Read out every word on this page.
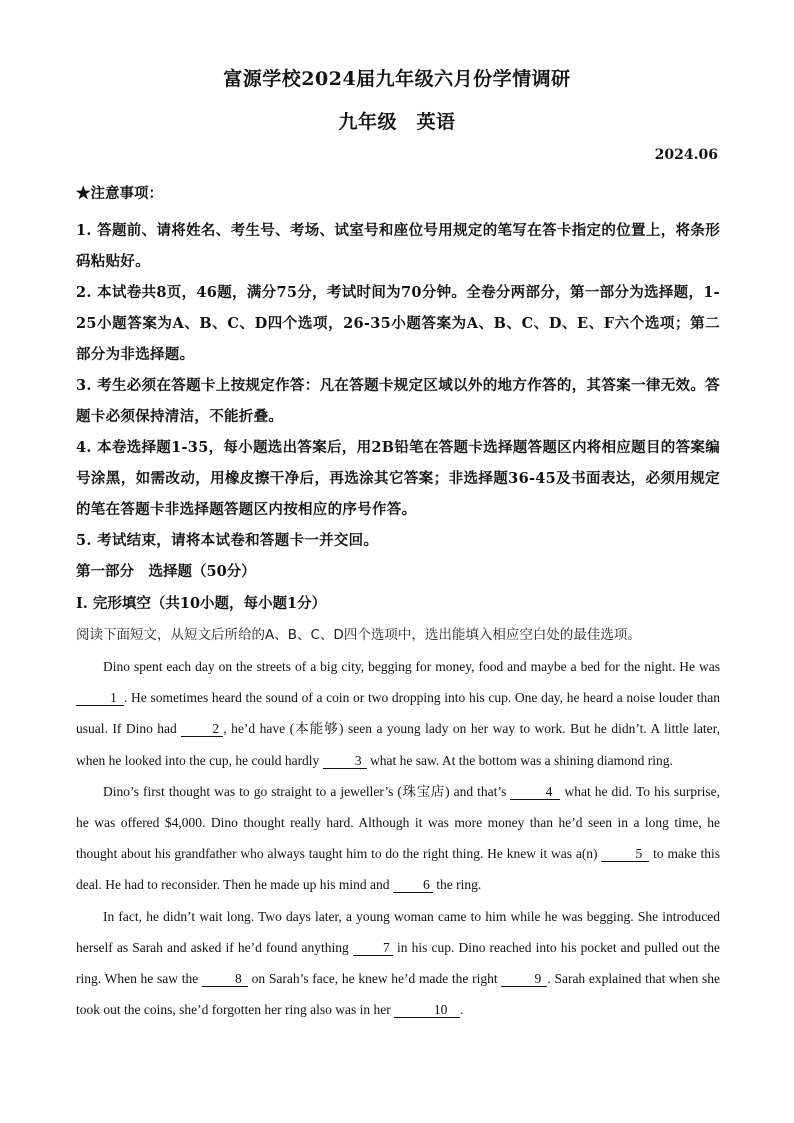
富源学校2024届九年级六月份学情调研
九年级　英语
2024.06
★注意事项：

1. 答题前、请将姓名、考生号、考场、试室号和座位号用规定的笔写在答卡指定的位置上，将条形码粘贴好。

2. 本试卷共8页，46题，满分75分，考试时间为70分钟。全卷分两部分，第一部分为选择题，1-25小题答案为A、B、C、D四个选项，26-35小题答案为A、B、C、D、E、F六个选项；第二部分为非选择题。

3. 考生必须在答题卡上按规定作答：凡在答题卡规定区域以外的地方作答的，其答案一律无效。答题卡必须保持清洁，不能折叠。

4. 本卷选择题1-35，每小题选出答案后，用2B铅笔在答题卡选择题答题区内将相应题目的答案编号涂黑，如需改动，用橡皮擦干净后，再选涂其它答案；非选择题36-45及书面表达，必须用规定的笔在答题卡非选择题答题区内按相应的序号作答。

5. 考试结束，请将本试卷和答题卡一并交回。

第一部分　选择题（50分）
I. 完形填空（共10小题，每小题1分）
阅读下面短文，从短文后所给的A、B、C、D四个选项中，选出能填入相应空白处的最佳选项。

Dino spent each day on the streets of a big city, begging for money, food and maybe a bed for the night. He was 1 . He sometimes heard the sound of a coin or two dropping into his cup. One day, he heard a noise louder than usual. If Dino had 2 , he’d have (本能够) seen a young lady on her way to work. But he didn’t. A little later, when he looked into the cup, he could hardly 3 what he saw. At the bottom was a shining diamond ring.

Dino’s first thought was to go straight to a jeweller’s (珠宝店) and that’s	4 what he did. To his surprise, he was offered $4,000. Dino thought really hard. Although it was more money than he’d seen in a long time, he thought about his grandfather who always taught him to do the right thing. He knew it was a(n)	5 to make this deal. He had to reconsider. Then he made up his mind and 6 the ring.

In fact, he didn’t wait long. Two days later, a young woman came to him while he was begging. She introduced herself as Sarah and asked if he’d found anything 7 in his cup. Dino reached into his pocket and pulled out the ring. When he saw the 8 on Sarah’s face, he knew he’d made the right 9 . Sarah explained that when she took out the coins, she’d forgotten her ring also was in her	10 .
